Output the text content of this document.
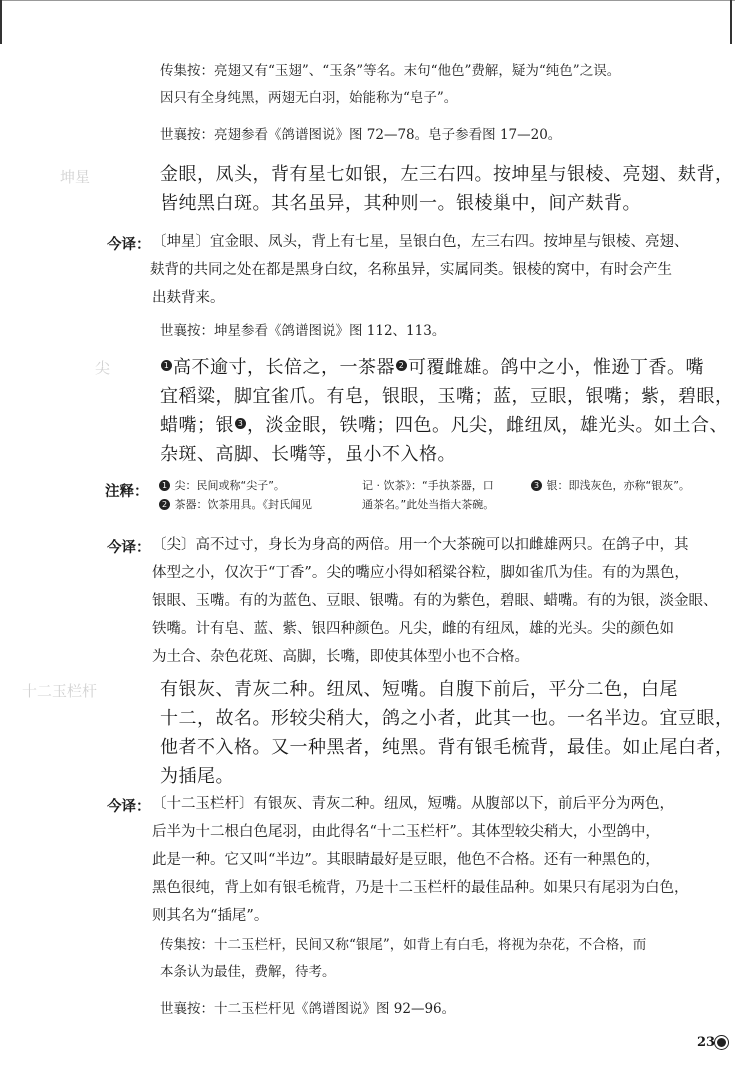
传集按：亮翅又有“玉翅”、“玉条”等名。末句“他色”费解，疑为“纯色”之误。
因只有全身纯黑，两翅无白羽，始能称为“皂子”。
世襄按：亮翅参看《鸽谱图说》图 72—78。皂子参看图 17—20。
坤星	金眼，凤头，背有星七如银，左三右四。按坤星与银棱、亮翅、麸背，
皆纯黑白斑。其名虽异，其种则一。银棱巢中，间产麸背。
今译： 〔坤星〕宜金眼、凤头，背上有七星，呈银白色，左三右四。按坤星与银棱、亮翅、
麸背的共同之处在都是黑身白纹，名称虽异，实属同类。银棱的窝中，有时会产生
出麸背来。
世襄按：坤星参看《鸽谱图说》图 112、113。
尖	1 高不逾寸，长倍之，一茶器 2 可覆雌雄。鸽中之小，惟逊丁香。嘴
宜稻粱，脚宜雀爪。有皂，银眼，玉嘴；蓝，豆眼，银嘴；紫，碧眼，
蜡嘴；银 3 ，淡金眼，铁嘴；四色。凡尖，雌纽凤，雄光头。如土合、
杂斑、高脚、长嘴等，虽小不入格。
注释：	1 尖：民间或称“尖子”。
2 茶器：饮茶用具。《封氏闻见
记 · 饮茶》：“手执茶器，口
通茶名。”此处当指大茶碗。
3 银：即浅灰色，亦称“银灰”。
今译： 〔尖〕高不过寸，身长为身高的两倍。用一个大茶碗可以扣雌雄两只。在鸽子中，其
体型之小，仅次于“丁香”。尖的嘴应小得如稻粱谷粒，脚如雀爪为佳。有的为黑色，
银眼、玉嘴。有的为蓝色、豆眼、银嘴。有的为紫色，碧眼、蜡嘴。有的为银，淡金眼、
铁嘴。计有皂、蓝、紫、银四种颜色。凡尖，雌的有纽凤，雄的光头。尖的颜色如
为土合、杂色花斑、高脚，长嘴，即使其体型小也不合格。
十二玉栏杆	有银灰、青灰二种。纽凤、短嘴。自腹下前后，平分二色，白尾
十二，故名。形较尖稍大，鸽之小者，此其一也。一名半边。宜豆眼，
他者不入格。又一种黑者，纯黑。背有银毛梳背，最佳。如止尾白者，
为插尾。
今译： 〔十二玉栏杆〕有银灰、青灰二种。纽凤，短嘴。从腹部以下，前后平分为两色，
后半为十二根白色尾羽，由此得名“十二玉栏杆”。其体型较尖稍大，小型鸽中，
此是一种。它又叫“半边”。其眼睛最好是豆眼，他色不合格。还有一种黑色的，
黑色很纯，背上如有银毛梳背，乃是十二玉栏杆的最佳品种。如果只有尾羽为白色，
则其名为“插尾”。
传集按：十二玉栏杆，民间又称“银尾”，如背上有白毛，将视为杂花，不合格，而
本条认为最佳，费解，待考。
世襄按：十二玉栏杆见《鸽谱图说》图 92—96。
23
